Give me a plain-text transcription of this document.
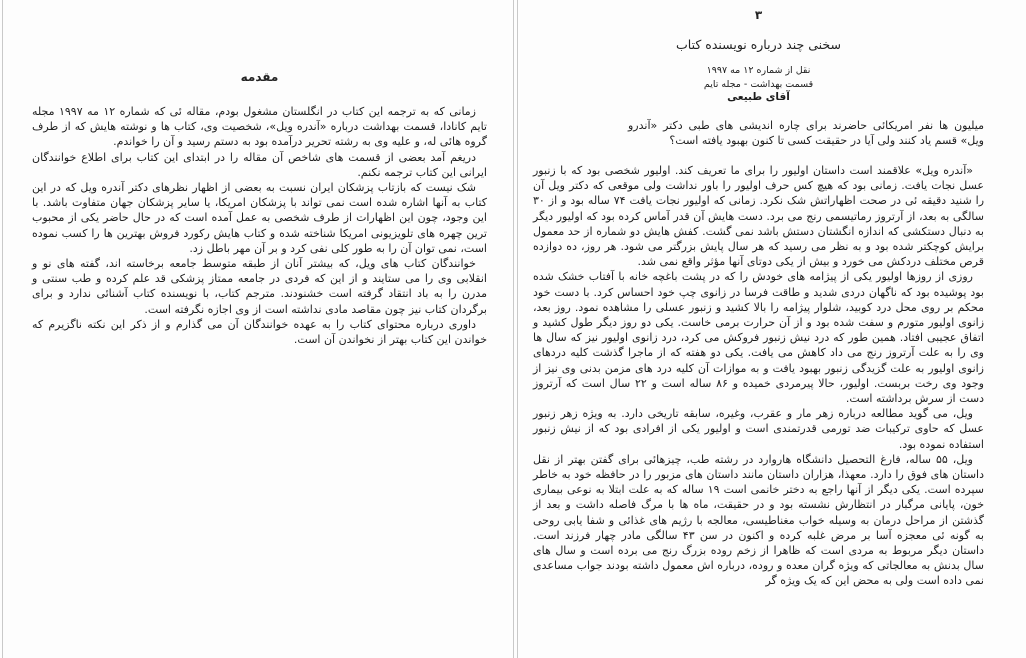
مقدمه

زمانی که به ترجمه این کتاب در انگلستان مشغول بودم، مقاله ئی که شماره ۱۲ مه ۱۹۹۷ مجله تایم کانادا، قسمت بهداشت درباره «آندره ویل»، شخصیت وی، کتاب ها و نوشته هایش که از طرف گروه هائی له، و علیه وی به رشته تحریر درآمده بود به دستم رسید و آن را خواندم.

دریغم آمد بعضی از قسمت های شاخص آن مقاله را در ابتدای این کتاب برای اطلاع خوانندگان ایرانی این کتاب ترجمه نکنم.

شک نیست که بازتاب پزشکان ایران نسبت به بعضی از اظهار نظرهای دکتر آندره ویل که در این کتاب به آنها اشاره شده است نمی تواند با پزشکان امریکا، یا سایر پزشکان جهان متفاوت باشد. با این وجود، چون این اظهارات از طرف شخصی به عمل آمده است که در حال حاضر یکی از محبوب ترین چهره های تلویزیونی امریکا شناخته شده و کتاب هایش رکورد فروش بهترین ها را کسب نموده است، نمی توان آن را به طور کلی نفی کرد و بر آن مهر باطل زد.

خوانندگان کتاب های ویل، که بیشتر آنان از طبقه متوسط جامعه برخاسته اند، گفته های نو و انقلابی وی را می ستایند و از این که فردی در جامعه ممتاز پزشکی قد علم کرده و طب سنتی و مدرن را به باد انتقاد گرفته است خشنودند. مترجم کتاب، با نویسنده کتاب آشنائی ندارد و برای برگردان کتاب نیز چون مقاصد مادی نداشته است از وی اجازه نگرفته است.

داوری درباره محتوای کتاب را به عهده خوانندگان آن می گذارم و از ذکر این نکته ناگزیرم که خواندن این کتاب بهتر از نخواندن آن است.

۳
سخنی چند درباره نویسنده کتاب
نقل از شماره ۱۲ مه ۱۹۹۷
قسمت بهداشت - مجله تایم
آقای طبیعی

میلیون ها نفر امریکائی حاضرند برای چاره اندیشی های طبی دکتر «آندرو ویل» قسم یاد کنند ولی آیا در حقیقت کسی تا کنون بهبود یافته است؟

«آندره ویل» علاقمند است داستان اولیور را برای ما تعریف کند. اولیور شخصی بود که با زنبور عسل نجات یافت. زمانی بود که هیچ کس حرف اولیور را باور نداشت ولی موقعی که دکتر ویل آن را شنید دقیقه ئی در صحت اظهاراتش شک نکرد. زمانی که اولیور نجات یافت ۷۴ ساله بود و از ۳۰ سالگی به بعد، از آرتروز رماتیسمی رنج می برد. دست هایش آن قدر آماس کرده بود که اولیور دیگر به دنبال دستکشی که اندازه انگشتان دستش باشد نمی گشت. کفش هایش دو شماره از حد معمول برایش کوچکتر شده بود و به نظر می رسید که هر سال پایش بزرگتر می شود. هر روز، ده دوازده قرص مختلف دردکش می خورد و بیش از یکی دوتای آنها مؤثر واقع نمی شد.

روزی از روزها اولیور یکی از پیژامه های خودش را که در پشت باغچه خانه با آفتاب خشک شده بود پوشیده بود که ناگهان دردی شدید و طاقت فرسا در زانوی چپ خود احساس کرد. با دست خود محکم بر روی محل درد کوبید، شلوار پیژامه را بالا کشید و زنبور عسلی را مشاهده نمود. روز بعد، زانوی اولیور متورم و سفت شده بود و از آن حرارت برمی خاست. یکی دو روز دیگر طول کشید و اتفاق عجیبی افتاد. همین طور که درد نیش زنبور فروکش می کرد، درد زانوی اولیور نیز که سال ها وی را به علت آرتروز رنج می داد کاهش می یافت. یکی دو هفته که از ماجرا گذشت کلیه دردهای زانوی اولیور به علت گزیدگی زنبور بهبود یافت و به موازات آن کلیه درد های مزمن بدنی وی نیز از وجود وی رخت بربست. اولیور، حالا پیرمردی خمیده و ۸۶ ساله است و ۲۲ سال است که آرتروز دست از سرش برداشته است.

ویل، می گوید مطالعه درباره زهر مار و عقرب، وغیره، سابقه تاریخی دارد. به ویژه زهر زنبور عسل که حاوی ترکیبات ضد تورمی قدرتمندی است و اولیور یکی از افرادی بود که از نیش زنبور استفاده نموده بود.

ویل، ۵۵ ساله، فارغ التحصیل دانشگاه هاروارد در رشته طب، چیزهائی برای گفتن بهتر از نقل داستان های فوق را دارد. معهذا، هزاران داستان مانند داستان های مزبور را در حافظه خود به خاطر سپرده است. یکی دیگر از آنها راجع به دختر خانمی است ۱۹ ساله که به علت ابتلا به نوعی بیماری خون، پایانی مرگبار در انتظارش نشسته بود و در حقیقت، ماه ها با مرگ فاصله داشت و بعد از گذشتن از مراحل درمان به وسیله خواب مغناطیسی، معالجه با رژیم های غذائی و شفا یابی روحی به گونه ئی معجزه آسا بر مرض غلبه کرده و اکنون در سن ۴۳ سالگی مادر چهار فرزند است. داستان دیگر مربوط به مردی است که ظاهرا از زخم روده بزرگ رنج می برده است و سال های سال بدنش به معالجاتی که ویژه گران معده و روده، درباره اش معمول داشته بودند جواب مساعدی نمی داده است ولی به محض این که یک ویژه گر
